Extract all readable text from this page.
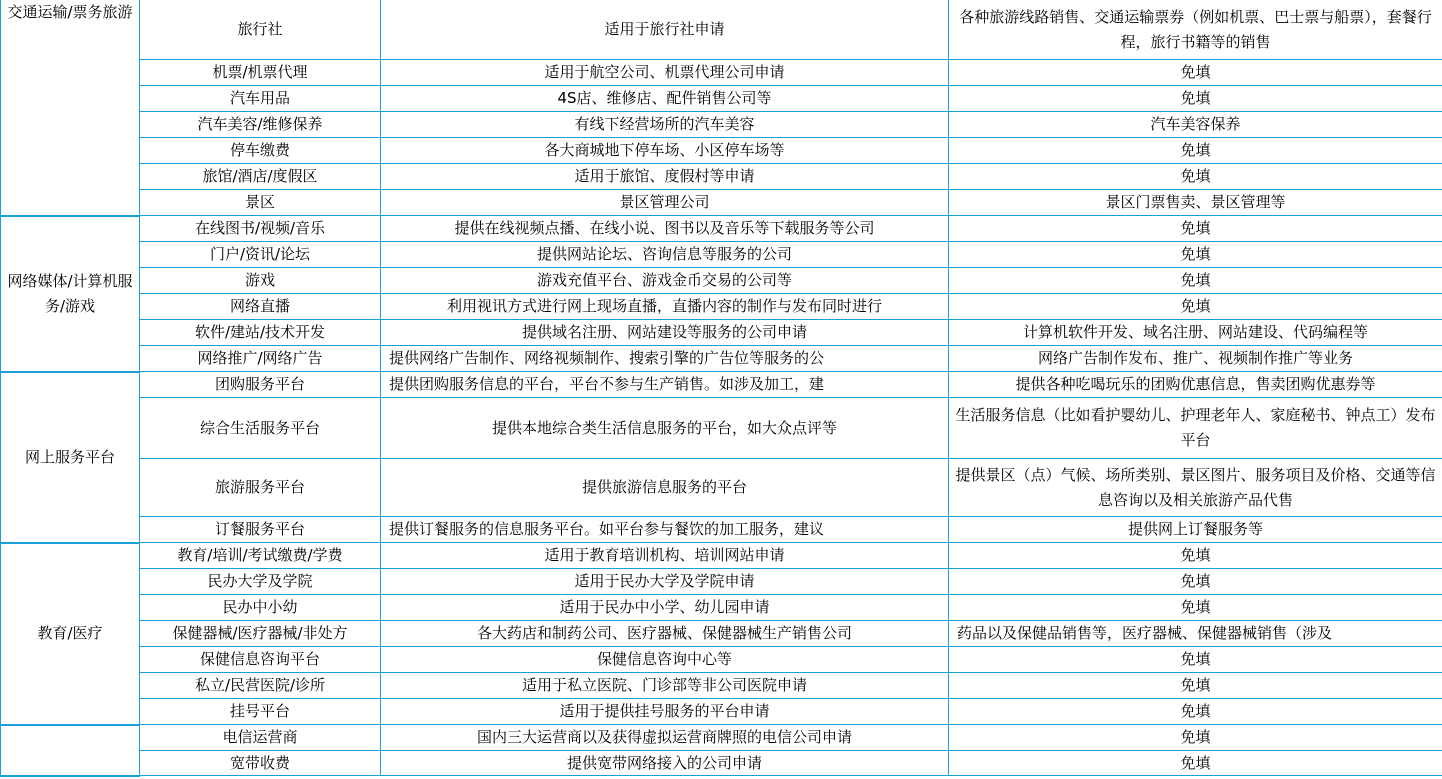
交通运输/票务旅游	旅行社	适用于旅行社申请	各种旅游线路销售、交通运输票券（例如机票、巴士票与船票），套餐行程，旅行书籍等的销售
	机票/机票代理	适用于航空公司、机票代理公司申请	免填
	汽车用品	4S店、维修店、配件销售公司等	免填
	汽车美容/维修保养	有线下经营场所的汽车美容	汽车美容保养
	停车缴费	各大商城地下停车场、小区停车场等	免填
	旅馆/酒店/度假区	适用于旅馆、度假村等申请	免填
	景区	景区管理公司	景区门票售卖、景区管理等
网络媒体/计算机服务/游戏	在线图书/视频/音乐	提供在线视频点播、在线小说、图书以及音乐等下载服务等公司	免填
	门户/资讯/论坛	提供网站论坛、咨询信息等服务的公司	免填
	游戏	游戏充值平台、游戏金币交易的公司等	免填
	网络直播	利用视讯方式进行网上现场直播，直播内容的制作与发布同时进行	免填
	软件/建站/技术开发	提供域名注册、网站建设等服务的公司申请	计算机软件开发、域名注册、网站建设、代码编程等
	网络推广/网络广告	提供网络广告制作、网络视频制作、搜索引擎的广告位等服务的公	网络广告制作发布、推广、视频制作推广等业务
网上服务平台	团购服务平台	提供团购服务信息的平台，平台不参与生产销售。如涉及加工，建	提供各种吃喝玩乐的团购优惠信息，售卖团购优惠券等
	综合生活服务平台	提供本地综合类生活信息服务的平台，如大众点评等	生活服务信息（比如看护婴幼儿、护理老年人、家庭秘书、钟点工）发布平台
	旅游服务平台	提供旅游信息服务的平台	提供景区（点）气候、场所类别、景区图片、服务项目及价格、交通等信息咨询以及相关旅游产品代售
	订餐服务平台	提供订餐服务的信息服务平台。如平台参与餐饮的加工服务，建议	提供网上订餐服务等
教育/医疗	教育/培训/考试缴费/学费	适用于教育培训机构、培训网站申请	免填
	民办大学及学院	适用于民办大学及学院申请	免填
	民办中小幼	适用于民办中小学、幼儿园申请	免填
	保健器械/医疗器械/非处方	各大药店和制药公司、医疗器械、保健器械生产销售公司	药品以及保健品销售等，医疗器械、保健器械销售（涉及
	保健信息咨询平台	保健信息咨询中心等	免填
	私立/民营医院/诊所	适用于私立医院、门诊部等非公司医院申请	免填
	挂号平台	适用于提供挂号服务的平台申请	免填
	电信运营商	国内三大运营商以及获得虚拟运营商牌照的电信公司申请	免填
	宽带收费	提供宽带网络接入的公司申请	免填
